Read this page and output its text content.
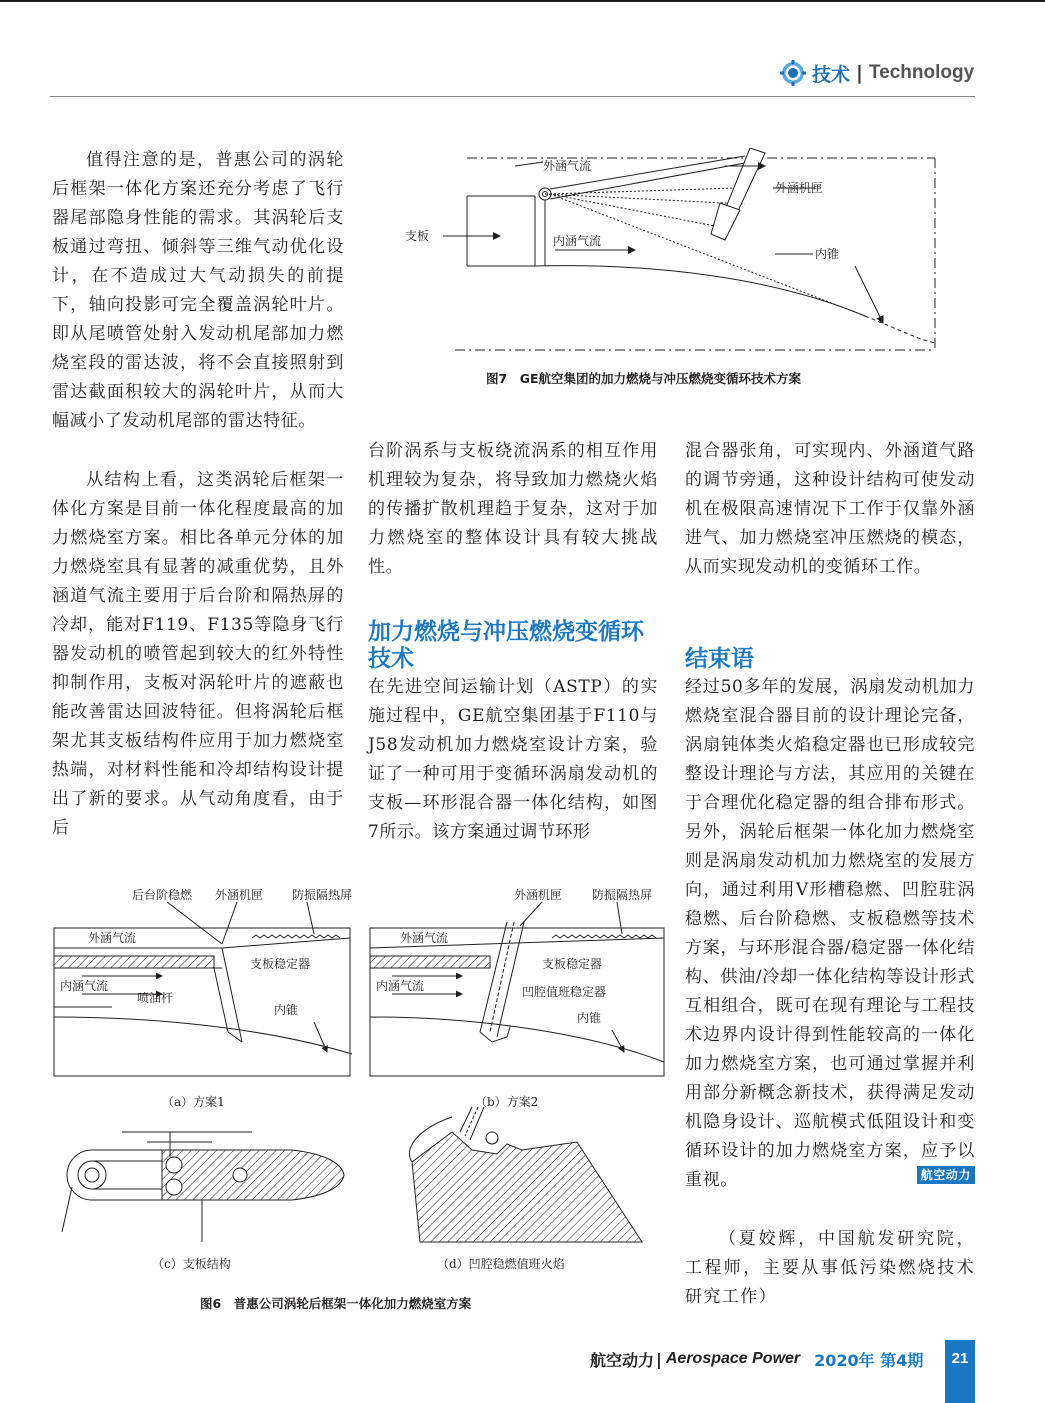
技术 | Technology

值得注意的是，普惠公司的涡轮后框架一体化方案还充分考虑了飞行器尾部隐身性能的需求。其涡轮后支板通过弯扭、倾斜等三维气动优化设计，在不造成过大气动损失的前提下，轴向投影可完全覆盖涡轮叶片。即从尾喷管处射入发动机尾部加力燃烧室段的雷达波，将不会直接照射到雷达截面积较大的涡轮叶片，从而大幅减小了发动机尾部的雷达特征。

从结构上看，这类涡轮后框架一体化方案是目前一体化程度最高的加力燃烧室方案。相比各单元分体的加力燃烧室具有显著的减重优势，且外涵道气流主要用于后台阶和隔热屏的冷却，能对F119、F135等隐身飞行器发动机的喷管起到较大的红外特性抑制作用，支板对涡轮叶片的遮蔽也能改善雷达回波特征。但将涡轮后框架尤其支板结构件应用于加力燃烧室热端，对材料性能和冷却结构设计提出了新的要求。从气动角度看，由于后

台阶涡系与支板绕流涡系的相互作用机理较为复杂，将导致加力燃烧火焰的传播扩散机理趋于复杂，这对于加力燃烧室的整体设计具有较大挑战性。

加力燃烧与冲压燃烧变循环技术

在先进空间运输计划（ASTP）的实施过程中，GE航空集团基于F110与J58发动机加力燃烧室设计方案，验证了一种可用于变循环涡扇发动机的支板—环形混合器一体化结构，如图7所示。该方案通过调节环形

混合器张角，可实现内、外涵道气路的调节旁通，这种设计结构可使发动机在极限高速情况下工作于仅靠外涵进气、加力燃烧室冲压燃烧的模态，从而实现发动机的变循环工作。

结束语

经过50多年的发展，涡扇发动机加力燃烧室混合器目前的设计理论完备，涡扇钝体类火焰稳定器也已形成较完整设计理论与方法，其应用的关键在于合理优化稳定器的组合排布形式。另外，涡轮后框架一体化加力燃烧室则是涡扇发动机加力燃烧室的发展方向，通过利用V形槽稳燃、凹腔驻涡稳燃、后台阶稳燃、支板稳燃等技术方案，与环形混合器/稳定器一体化结构、供油/冷却一体化结构等设计形式互相组合，既可在现有理论与工程技术边界内设计得到性能较高的一体化加力燃烧室方案，也可通过掌握并利用部分新概念新技术，获得满足发动机隐身设计、巡航模式低阻设计和变循环设计的加力燃烧室方案，应予以重视。	航空动力

（夏姣辉，中国航发研究院，工程师，主要从事低污染燃烧技术研究工作）

外涵气流
外涵机匣
支板	内涵气流
内锥

图7　GE航空集团的加力燃烧与冲压燃烧变循环技术方案

后台阶稳燃 外涵机匣 防振隔热屏
外涵气流
支板稳定器
内涵气流
喷油杆
内锥
（a）方案1
外涵机匣 防振隔热屏
外涵气流
支板稳定器
内涵气流	凹腔值班稳定器
内锥
（b）方案2
（c）支板结构	（d）凹腔稳燃值班火焰

图6　普惠公司涡轮后框架一体化加力燃烧室方案

航空动力 | Aerospace Power 2020年 第4期	21
